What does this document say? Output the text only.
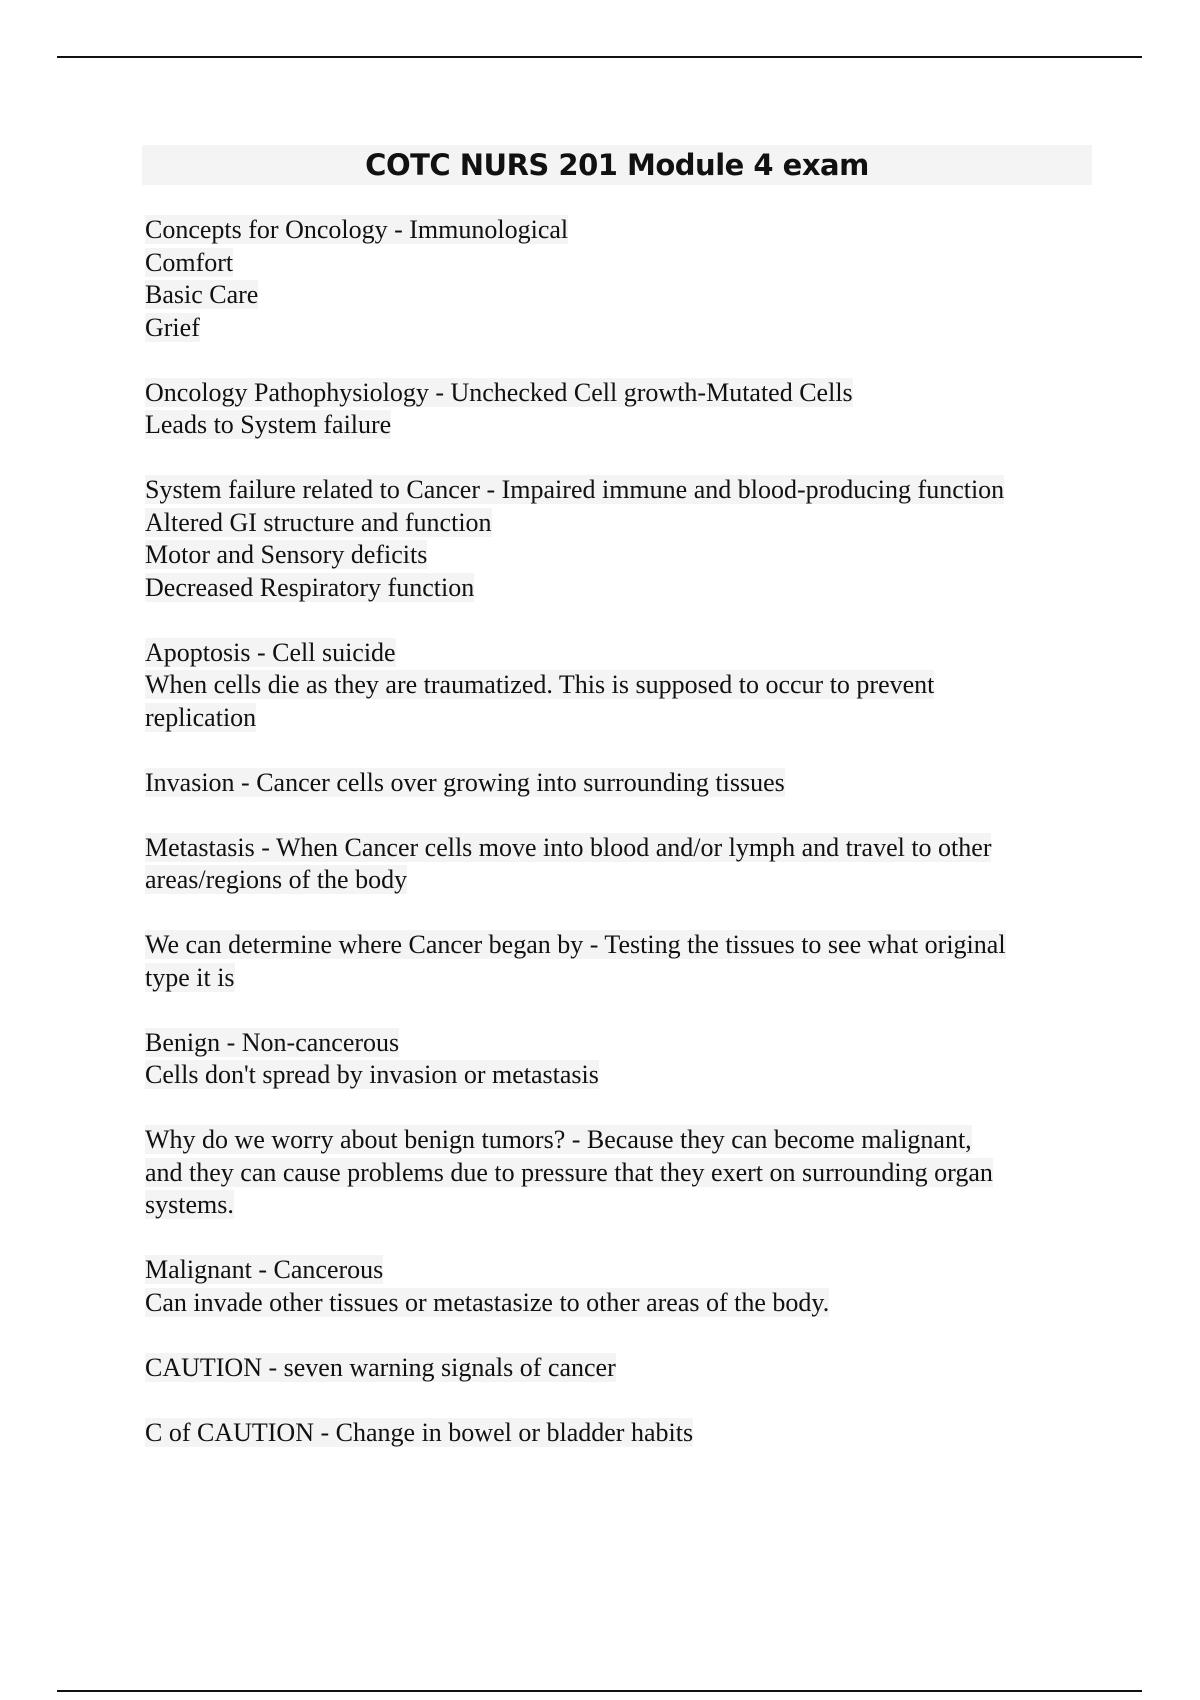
COTC NURS 201 Module 4 exam
Concepts for Oncology - Immunological
Comfort
Basic Care
Grief
Oncology Pathophysiology - Unchecked Cell growth-Mutated Cells
Leads to System failure
System failure related to Cancer - Impaired immune and blood-producing function
Altered GI structure and function
Motor and Sensory deficits
Decreased Respiratory function
Apoptosis - Cell suicide
When cells die as they are traumatized. This is supposed to occur to prevent
replication
Invasion - Cancer cells over growing into surrounding tissues
Metastasis - When Cancer cells move into blood and/or lymph and travel to other
areas/regions of the body
We can determine where Cancer began by - Testing the tissues to see what original
type it is
Benign - Non-cancerous
Cells don't spread by invasion or metastasis
Why do we worry about benign tumors? - Because they can become malignant,
and they can cause problems due to pressure that they exert on surrounding organ
systems.
Malignant - Cancerous
Can invade other tissues or metastasize to other areas of the body.
CAUTION - seven warning signals of cancer
C of CAUTION - Change in bowel or bladder habits
